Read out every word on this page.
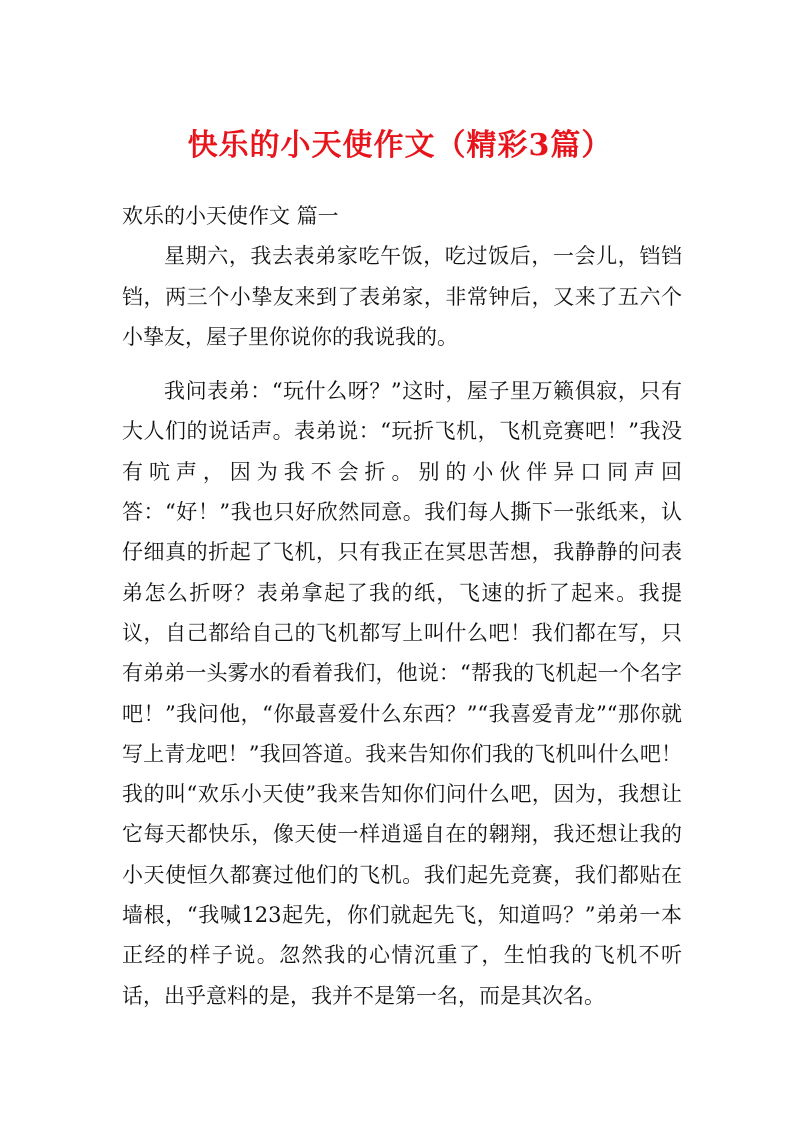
快乐的小天使作文（精彩3篇）

欢乐的小天使作文 篇一

星期六，我去表弟家吃午饭，吃过饭后，一会儿，铛铛铛，两三个小挚友来到了表弟家，非常钟后，又来了五六个小挚友，屋子里你说你的我说我的。

我问表弟：“玩什么呀？”这时，屋子里万籁俱寂，只有大人们的说话声。表弟说：“玩折飞机，飞机竞赛吧！”我没有吭声，因为我不会折。别的小伙伴异口同声回答：“好！”我也只好欣然同意。我们每人撕下一张纸来，认仔细真的折起了飞机，只有我正在冥思苦想，我静静的问表弟怎么折呀？表弟拿起了我的纸，飞速的折了起来。我提议，自己都给自己的飞机都写上叫什么吧！我们都在写，只有弟弟一头雾水的看着我们，他说：“帮我的飞机起一个名字吧！”我问他，“你最喜爱什么东西？”“我喜爱青龙”“那你就写上青龙吧！”我回答道。我来告知你们我的飞机叫什么吧！我的叫“欢乐小天使”我来告知你们问什么吧，因为，我想让它每天都快乐，像天使一样逍遥自在的翱翔，我还想让我的小天使恒久都赛过他们的飞机。我们起先竞赛，我们都贴在墙根，“我喊123起先，你们就起先飞，知道吗？”弟弟一本正经的样子说。忽然我的心情沉重了，生怕我的飞机不听话，出乎意料的是，我并不是第一名，而是其次名。
